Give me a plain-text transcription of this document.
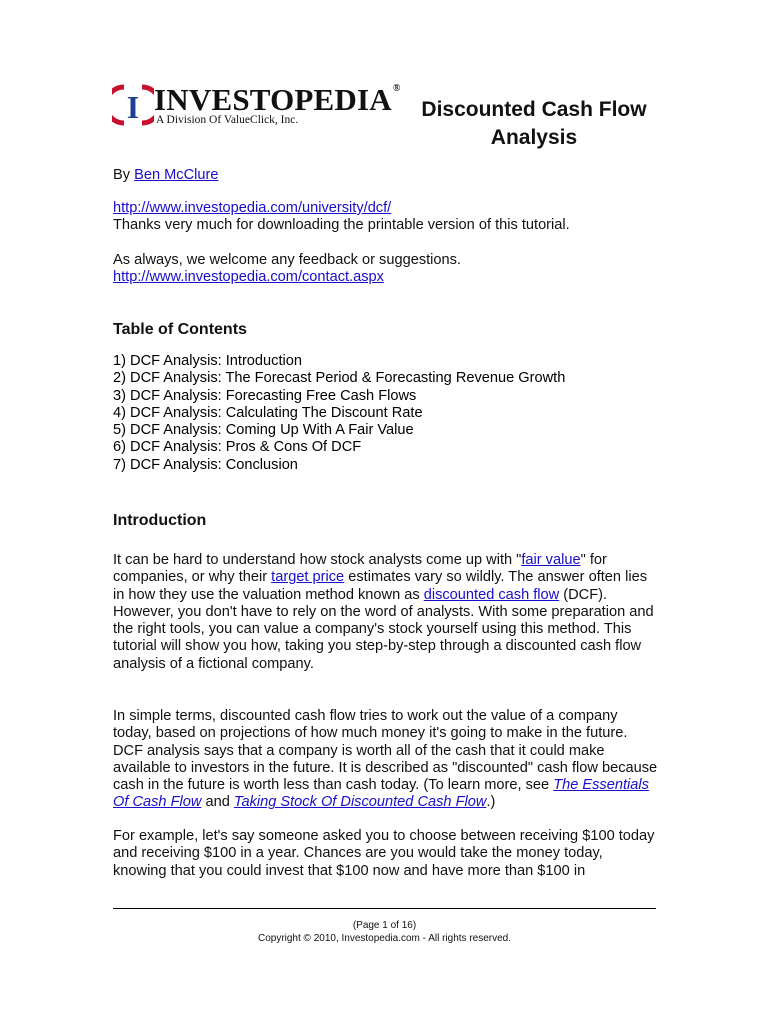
I INVESTOPEDIA®
A Division Of ValueClick, Inc.	Discounted Cash Flow
Analysis
By Ben McClure
http://www.investopedia.com/university/dcf/
Thanks very much for downloading the printable version of this tutorial.
As always, we welcome any feedback or suggestions.
http://www.investopedia.com/contact.aspx
Table of Contents
1) DCF Analysis: Introduction
2) DCF Analysis: The Forecast Period & Forecasting Revenue Growth
3) DCF Analysis: Forecasting Free Cash Flows
4) DCF Analysis: Calculating The Discount Rate
5) DCF Analysis: Coming Up With A Fair Value
6) DCF Analysis: Pros & Cons Of DCF
7) DCF Analysis: Conclusion
Introduction

It can be hard to understand how stock analysts come up with "fair value" for companies, or why their target price estimates vary so wildly. The answer often lies in how they use the valuation method known as discounted cash flow (DCF). However, you don't have to rely on the word of analysts. With some preparation and the right tools, you can value a company's stock yourself using this method. This tutorial will show you how, taking you step-by-step through a discounted cash flow analysis of a fictional company.

In simple terms, discounted cash flow tries to work out the value of a company today, based on projections of how much money it's going to make in the future. DCF analysis says that a company is worth all of the cash that it could make available to investors in the future. It is described as "discounted" cash flow because cash in the future is worth less than cash today. (To learn more, see The Essentials Of Cash Flow and Taking Stock Of Discounted Cash Flow.)

For example, let's say someone asked you to choose between receiving $100 today and receiving $100 in a year. Chances are you would take the money today, knowing that you could invest that $100 now and have more than $100 in

(Page 1 of 16)
Copyright © 2010, Investopedia.com - All rights reserved.
